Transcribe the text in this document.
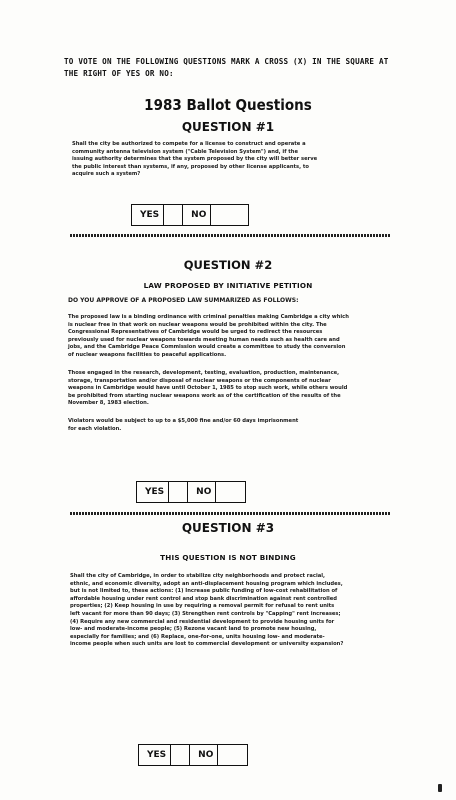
TO VOTE ON THE FOLLOWING QUESTIONS MARK A CROSS (X) IN THE SQUARE AT THE RIGHT OF YES OR NO:
1983 Ballot Questions
QUESTION #1
Shall the city be authorized to compete for a license to construct and operate a community antenna television system ("Cable Television System") and, if the issuing authority determines that the system proposed by the city will better serve the public interest than systems, if any, proposed by other license applicants, to acquire such a system?
YES	NO
QUESTION #2
LAW PROPOSED BY INITIATIVE PETITION
DO YOU APPROVE OF A PROPOSED LAW SUMMARIZED AS FOLLOWS:
The proposed law is a binding ordinance with criminal penalties making Cambridge a city which is nuclear free in that work on nuclear weapons would be prohibited within the city. The Congressional Representatives of Cambridge would be urged to redirect the resources previously used for nuclear weapons towards meeting human needs such as health care and jobs, and the Cambridge Peace Commission would create a committee to study the conversion of nuclear weapons facilities to peaceful applications.
Those engaged in the research, development, testing, evaluation, production, maintenance, storage, transportation and/or disposal of nuclear weapons or the components of nuclear weapons in Cambridge would have until October 1, 1985 to stop such work, while others would be prohibited from starting nuclear weapons work as of the certification of the results of the November 8, 1983 election.
Violators would be subject to up to a $5,000 fine and/or 60 days imprisonment for each violation.
YES	NO
QUESTION #3
THIS QUESTION IS NOT BINDING
Shall the city of Cambridge, in order to stabilize city neighborhoods and protect racial, ethnic, and economic diversity, adopt an anti-displacement housing program which includes, but is not limited to, these actions: (1) Increase public funding of low-cost rehabilitation of affordable housing under rent control and stop bank discrimination against rent controlled properties; (2) Keep housing in use by requiring a removal permit for refusal to rent units left vacant for more than 90 days; (3) Strengthen rent controls by "Capping" rent increases; (4) Require any new commercial and residential development to provide housing units for low- and moderate-income people; (5) Rezone vacant land to promote new housing, especially for families; and (6) Replace, one-for-one, units housing low- and moderate-income people when such units are lost to commercial development or university expansion?
YES	NO
